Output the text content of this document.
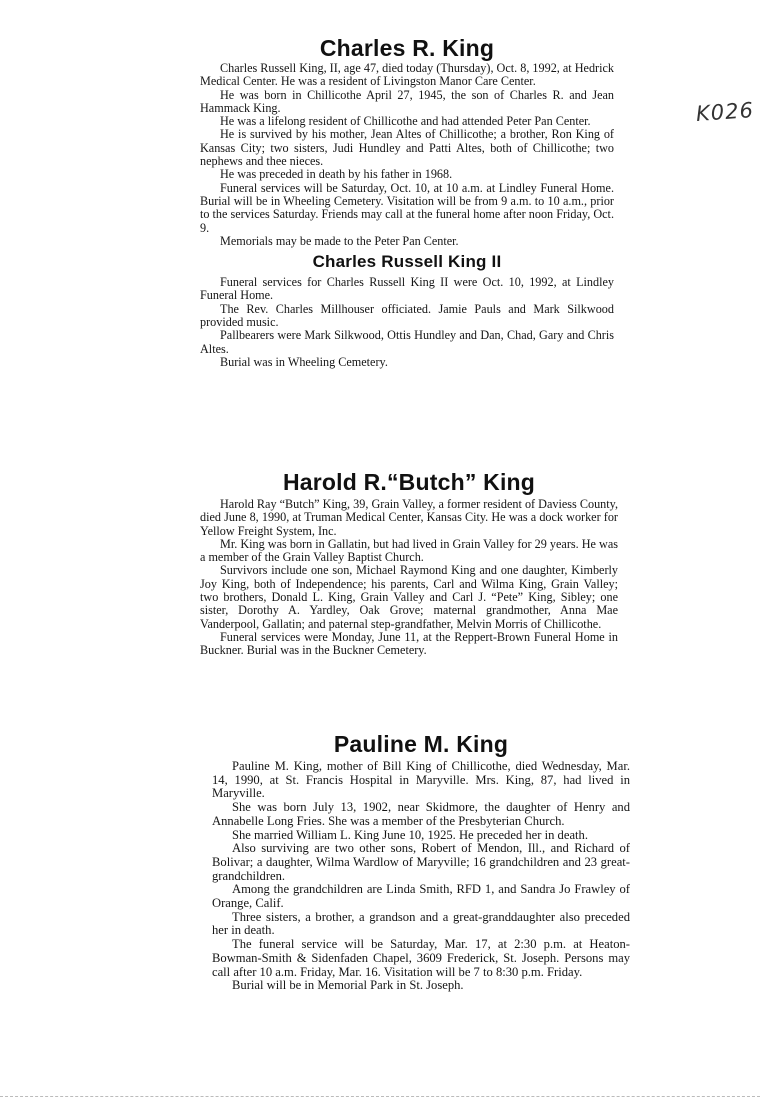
K026
Charles R. King

Charles Russell King, II, age 47, died today (Thursday), Oct. 8, 1992, at Hedrick Medical Center. He was a resident of Livingston Manor Care Center.

He was born in Chillicothe April 27, 1945, the son of Charles R. and Jean Hammack King.

He was a lifelong resident of Chillicothe and had attended Peter Pan Center.

He is survived by his mother, Jean Altes of Chillicothe; a brother, Ron King of Kansas City; two sisters, Judi Hundley and Patti Altes, both of Chillicothe; two nephews and thee nieces.

He was preceded in death by his father in 1968.

Funeral services will be Saturday, Oct. 10, at 10 a.m. at Lindley Funeral Home. Burial will be in Wheeling Cemetery. Visitation will be from 9 a.m. to 10 a.m., prior to the services Saturday. Friends may call at the funeral home after noon Friday, Oct. 9.

Memorials may be made to the Peter Pan Center.

Charles Russell King II

Funeral services for Charles Russell King II were Oct. 10, 1992, at Lindley Funeral Home.

The Rev. Charles Millhouser officiated. Jamie Pauls and Mark Silkwood provided music.

Pallbearers were Mark Silkwood, Ottis Hundley and Dan, Chad, Gary and Chris Altes.

Burial was in Wheeling Cemetery.

Harold R.“Butch” King

Harold Ray “Butch” King, 39, Grain Valley, a former resident of Daviess County, died June 8, 1990, at Truman Medical Center, Kansas City. He was a dock worker for Yellow Freight System, Inc.

Mr. King was born in Gallatin, but had lived in Grain Valley for 29 years. He was a member of the Grain Valley Baptist Church.

Survivors include one son, Michael Raymond King and one daughter, Kimberly Joy King, both of Independence; his parents, Carl and Wilma King, Grain Valley; two brothers, Donald L. King, Grain Valley and Carl J. “Pete” King, Sibley; one sister, Dorothy A. Yardley, Oak Grove; maternal grandmother, Anna Mae Vanderpool, Gallatin; and paternal step-grandfather, Melvin Morris of Chillicothe.

Funeral services were Monday, June 11, at the Reppert-Brown Funeral Home in Buckner. Burial was in the Buckner Cemetery.

Pauline M. King

Pauline M. King, mother of Bill King of Chillicothe, died Wednesday, Mar. 14, 1990, at St. Francis Hospital in Maryville. Mrs. King, 87, had lived in Maryville.

She was born July 13, 1902, near Skidmore, the daughter of Henry and Annabelle Long Fries. She was a member of the Presbyterian Church.

She married William L. King June 10, 1925. He preceded her in death.

Also surviving are two other sons, Robert of Mendon, Ill., and Richard of Bolivar; a daughter, Wilma Wardlow of Maryville; 16 grandchildren and 23 great-grandchildren.

Among the grandchildren are Linda Smith, RFD 1, and Sandra Jo Frawley of Orange, Calif.

Three sisters, a brother, a grandson and a great-granddaughter also preceded her in death.

The funeral service will be Saturday, Mar. 17, at 2:30 p.m. at Heaton-Bowman-Smith & Sidenfaden Chapel, 3609 Frederick, St. Joseph. Persons may call after 10 a.m. Friday, Mar. 16. Visitation will be 7 to 8:30 p.m. Friday.

Burial will be in Memorial Park in St. Joseph.
